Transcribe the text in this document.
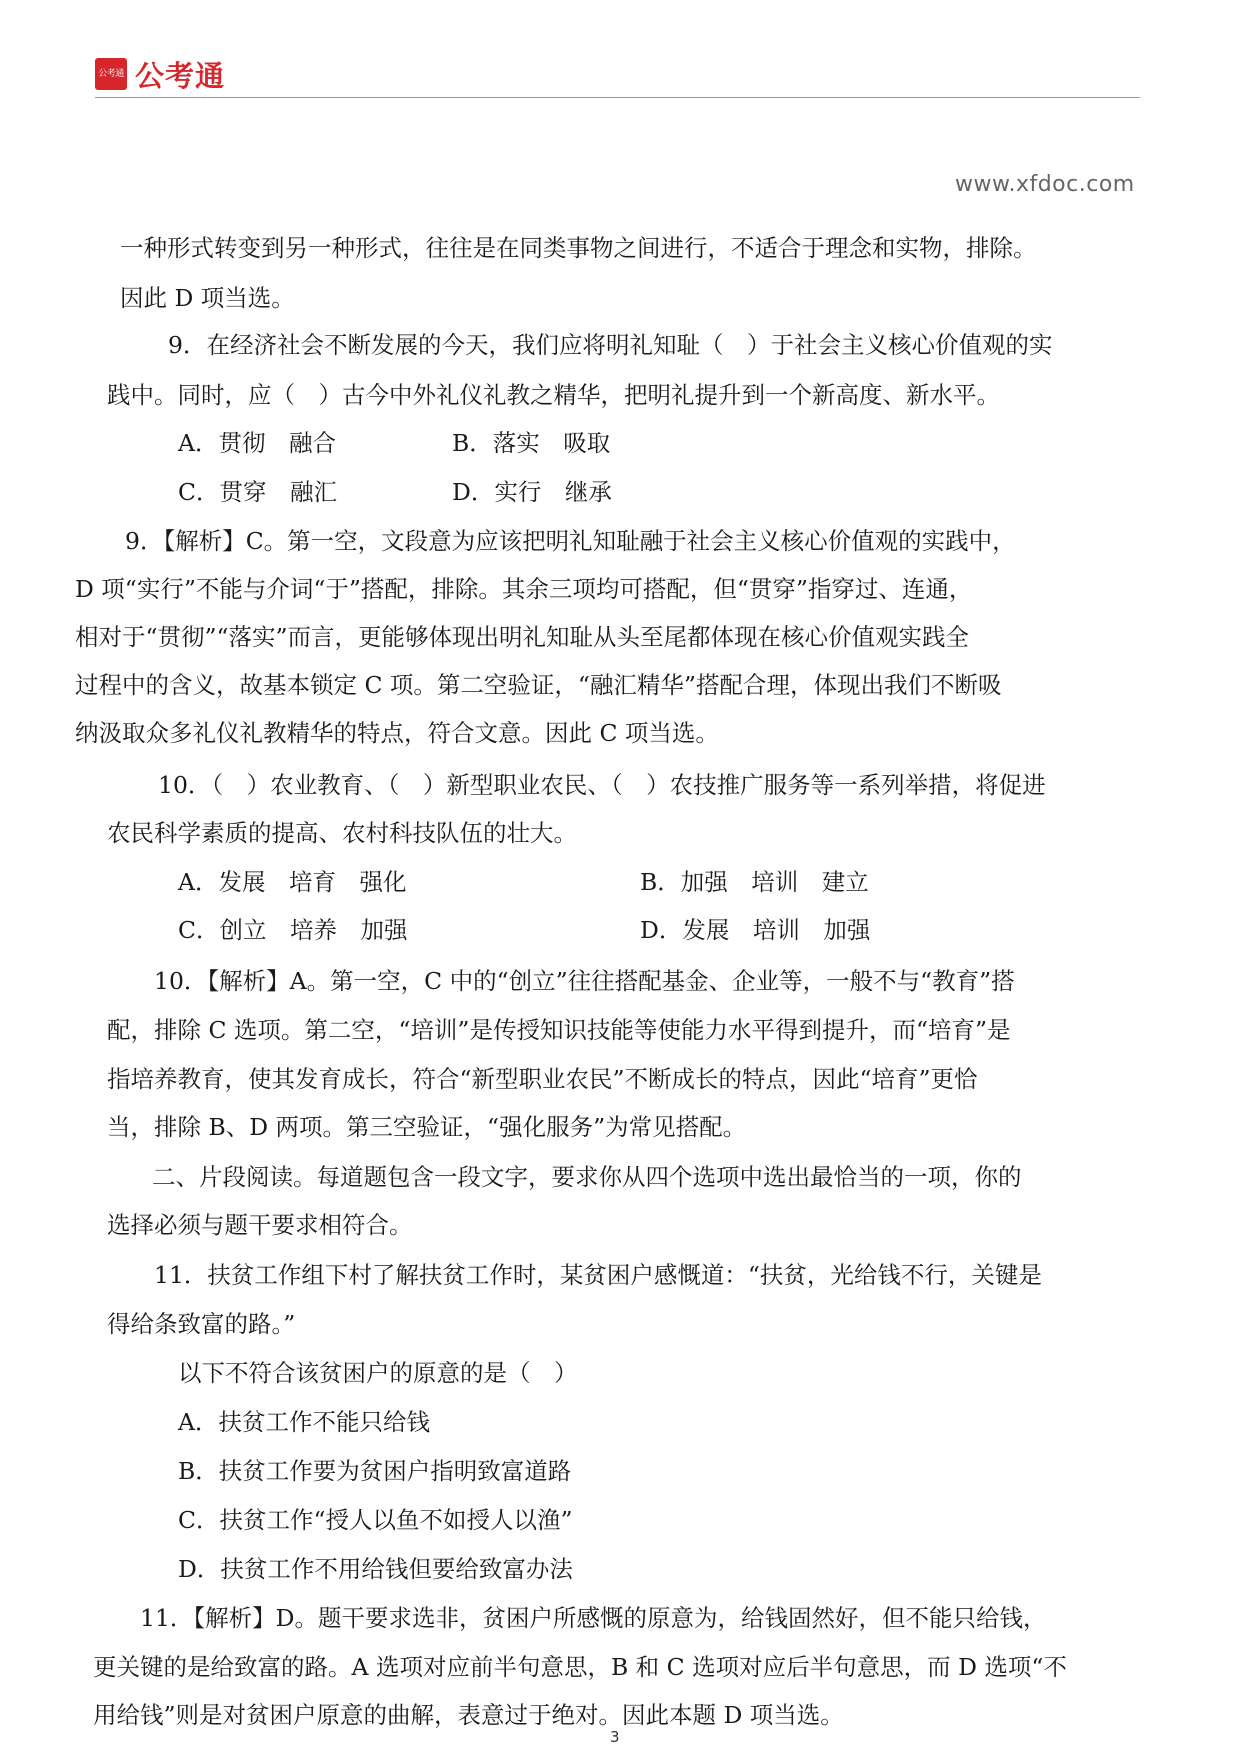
公考通 公考通
www.xfdoc.com
一种形式转变到另一种形式，往往是在同类事物之间进行，不适合于理念和实物，排除。
因此 D 项当选。
9．在经济社会不断发展的今天，我们应将明礼知耻（　）于社会主义核心价值观的实
践中。同时，应（　）古今中外礼仪礼教之精华，把明礼提升到一个新高度、新水平。
A．贯彻　融合	B．落实　吸取
C．贯穿　融汇	D．实行　继承
9．【解析】C。第一空，文段意为应该把明礼知耻融于社会主义核心价值观的实践中，
D 项“实行”不能与介词“于”搭配，排除。其余三项均可搭配，但“贯穿”指穿过、连通，
相对于“贯彻”“落实”而言，更能够体现出明礼知耻从头至尾都体现在核心价值观实践全
过程中的含义，故基本锁定 C 项。第二空验证，“融汇精华”搭配合理，体现出我们不断吸
纳汲取众多礼仪礼教精华的特点，符合文意。因此 C 项当选。
10．（　）农业教育、（　）新型职业农民、（　）农技推广服务等一系列举措，将促进
农民科学素质的提高、农村科技队伍的壮大。
A．发展　培育　强化	B．加强　培训　建立
C．创立　培养　加强	D．发展　培训　加强
10．【解析】A。第一空，C 中的“创立”往往搭配基金、企业等，一般不与“教育”搭
配，排除 C 选项。第二空，“培训”是传授知识技能等使能力水平得到提升，而“培育”是
指培养教育，使其发育成长，符合“新型职业农民”不断成长的特点，因此“培育”更恰
当，排除 B、D 两项。第三空验证，“强化服务”为常见搭配。
二、片段阅读。每道题包含一段文字，要求你从四个选项中选出最恰当的一项，你的
选择必须与题干要求相符合。
11．扶贫工作组下村了解扶贫工作时，某贫困户感慨道：“扶贫，光给钱不行，关键是
得给条致富的路。”
以下不符合该贫困户的原意的是（　）
A．扶贫工作不能只给钱
B．扶贫工作要为贫困户指明致富道路
C．扶贫工作“授人以鱼不如授人以渔”
D．扶贫工作不用给钱但要给致富办法
11．【解析】D。题干要求选非，贫困户所感慨的原意为，给钱固然好，但不能只给钱，
更关键的是给致富的路。A 选项对应前半句意思，B 和 C 选项对应后半句意思，而 D 选项“不
用给钱”则是对贫困户原意的曲解，表意过于绝对。因此本题 D 项当选。
3
